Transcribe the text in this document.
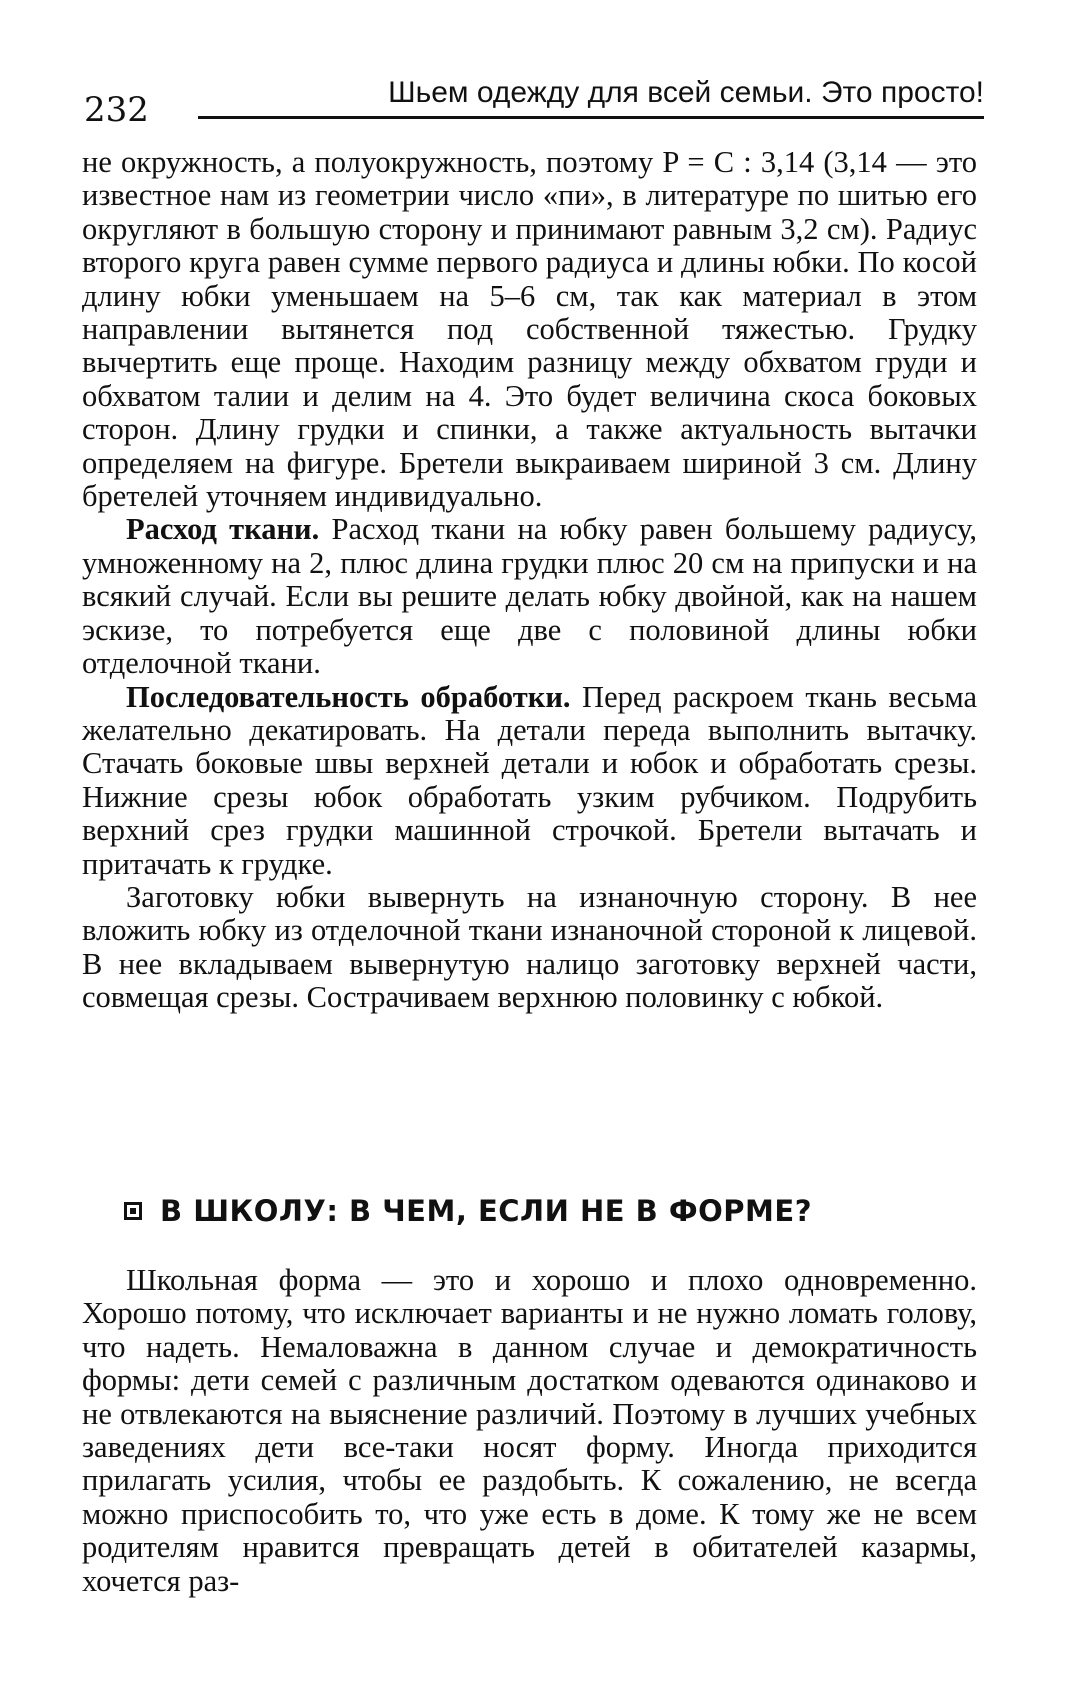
232	Шьем одежду для всей семьи. Это просто!

не окружность, а полуокружность, поэтому P = C : 3,14 (3,14 — это известное нам из геометрии число «пи», в литературе по шитью его округляют в большую сторону и принимают равным 3,2 см). Радиус второго круга равен сумме первого радиуса и длины юбки. По косой длину юбки уменьшаем на 5–6 см, так как материал в этом направлении вытянется под собственной тяжестью. Грудку вычертить еще проще. Находим разницу между обхватом груди и обхватом талии и делим на 4. Это будет величина скоса боковых сторон. Длину грудки и спинки, а также актуальность вытачки определяем на фигуре. Бретели выкраиваем шириной 3 см. Длину бретелей уточняем индивидуально.

Расход ткани. Расход ткани на юбку равен большему радиусу, умноженному на 2, плюс длина грудки плюс 20 см на припуски и на всякий случай. Если вы решите делать юбку двойной, как на нашем эскизе, то потребуется еще две с половиной длины юбки отделочной ткани.

Последовательность обработки. Перед раскроем ткань весьма желательно декатировать. На детали переда выполнить вытачку. Стачать боковые швы верхней детали и юбок и обработать срезы. Нижние срезы юбок обработать узким рубчиком. Подрубить верхний срез грудки машинной строчкой. Бретели вытачать и притачать к грудке.

Заготовку юбки вывернуть на изнаночную сторону. В нее вложить юбку из отделочной ткани изнаночной стороной к лицевой. В нее вкладываем вывернутую налицо заготовку верхней части, совмещая срезы. Сострачиваем верхнюю половинку с юбкой.

В ШКОЛУ: В ЧЕМ, ЕСЛИ НЕ В ФОРМЕ?

Школьная форма — это и хорошо и плохо одновременно. Хорошо потому, что исключает варианты и не нужно ломать голову, что надеть. Немаловажна в данном случае и демократичность формы: дети семей с различным достатком одеваются одинаково и не отвлекаются на выяснение различий. Поэтому в лучших учебных заведениях дети все-таки носят форму. Иногда приходится прилагать усилия, чтобы ее раздобыть. К сожалению, не всегда можно приспособить то, что уже есть в доме. К тому же не всем родителям нравится превращать детей в обитателей казармы, хочется раз-
